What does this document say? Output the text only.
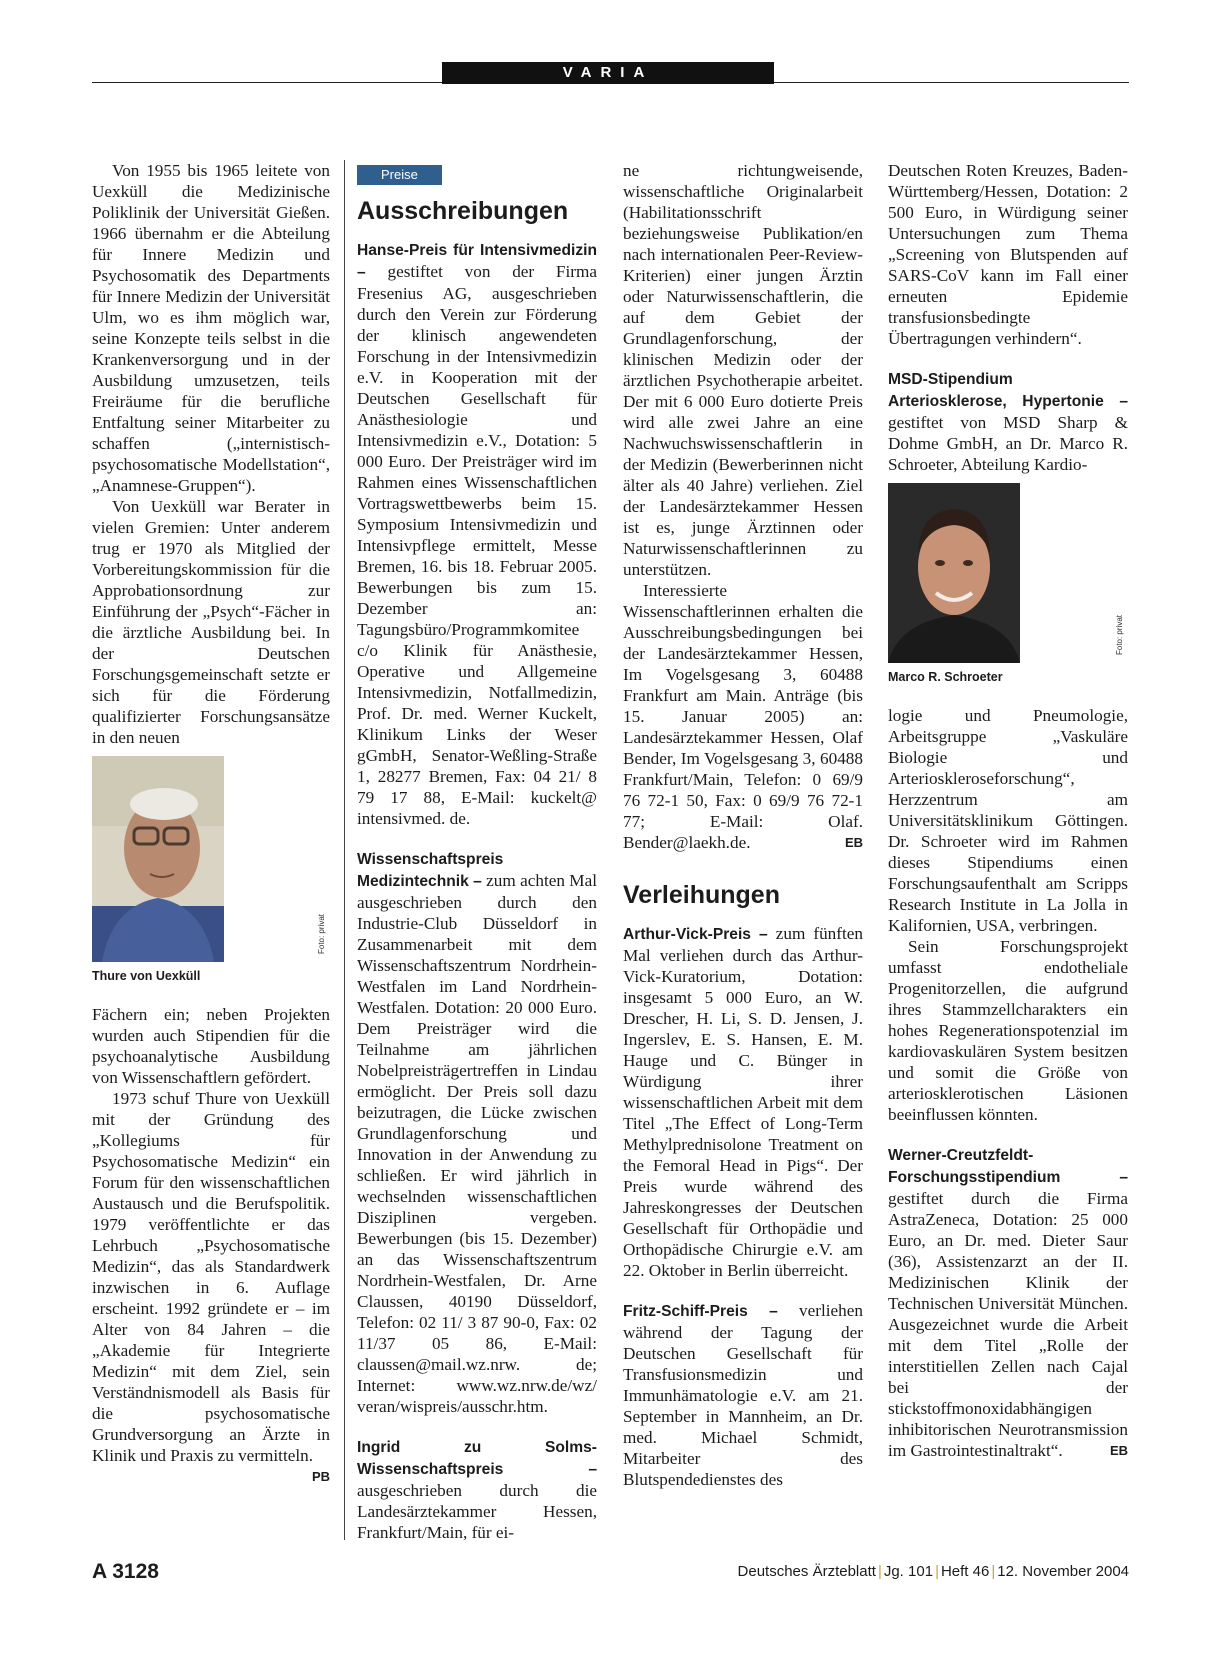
VARIA

Von 1955 bis 1965 leitete von Uexküll die Medizinische Poliklinik der Universität Gießen. 1966 übernahm er die Abteilung für Innere Medizin und Psychosomatik des Departments für Innere Medizin der Universität Ulm, wo es ihm möglich war, seine Konzepte teils selbst in die Krankenversorgung und in der Ausbildung umzusetzen, teils Freiräume für die berufliche Entfaltung seiner Mitarbeiter zu schaffen („internistisch-psychosomatische Modellstation“, „Anamnese-Gruppen“).

Von Uexküll war Berater in vielen Gremien: Unter anderem trug er 1970 als Mitglied der Vorbereitungskommission für die Approbationsordnung zur Einführung der „Psych“-Fächer in die ärztliche Ausbildung bei. In der Deutschen Forschungsgemeinschaft setzte er sich für die Förderung qualifizierter Forschungsansätze in den neuen

Foto: privat
Thure von Uexküll

Fächern ein; neben Projekten wurden auch Stipendien für die psychoanalytische Ausbildung von Wissenschaftlern gefördert.

1973 schuf Thure von Uexküll mit der Gründung des „Kollegiums für Psychosomatische Medizin“ ein Forum für den wissenschaftlichen Austausch und die Berufspolitik. 1979 veröffentlichte er das Lehrbuch „Psychosomatische Medizin“, das als Standardwerk inzwischen in 6. Auflage erscheint. 1992 gründete er – im Alter von 84 Jahren – die „Akademie für Integrierte Medizin“ mit dem Ziel, sein Verständnismodell als Basis für die psychosomatische Grundversorgung an Ärzte in Klinik und Praxis zu vermitteln.
PB

Preise
Ausschreibungen

Hanse-Preis für Intensivmedizin – gestiftet von der Firma Fresenius AG, ausgeschrieben durch den Verein zur Förderung der klinisch angewendeten Forschung in der Intensivmedizin e.V. in Kooperation mit der Deutschen Gesellschaft für Anästhesiologie und Intensivmedizin e.V., Dotation: 5 000 Euro. Der Preisträger wird im Rahmen eines Wissenschaftlichen Vortragswettbewerbs beim 15. Symposium Intensivmedizin und Intensivpflege ermittelt, Messe Bremen, 16. bis 18. Februar 2005. Bewerbungen bis zum 15. Dezember an: Tagungsbüro/Programmkomitee c/o Klinik für Anästhesie, Operative und Allgemeine Intensivmedizin, Notfallmedizin, Prof. Dr. med. Werner Kuckelt, Klinikum Links der Weser gGmbH, Senator-Weßling-Straße 1, 28277 Bremen, Fax: 04 21/ 8 79 17 88, E-Mail: kuckelt@ intensivmed. de.

Wissenschaftspreis Medizintechnik – zum achten Mal ausgeschrieben durch den Industrie-Club Düsseldorf in Zusammenarbeit mit dem Wissenschaftszentrum Nordrhein-Westfalen im Land Nordrhein-Westfalen. Dotation: 20 000 Euro. Dem Preisträger wird die Teilnahme am jährlichen Nobelpreisträgertreffen in Lindau ermöglicht. Der Preis soll dazu beizutragen, die Lücke zwischen Grundlagenforschung und Innovation in der Anwendung zu schließen. Er wird jährlich in wechselnden wissenschaftlichen Disziplinen vergeben. Bewerbungen (bis 15. Dezember) an das Wissenschaftszentrum Nordrhein-Westfalen, Dr. Arne Claussen, 40190 Düsseldorf, Telefon: 02 11/ 3 87 90-0, Fax: 02 11/37 05 86, E-Mail: claussen@mail.wz.nrw. de; Internet: www.wz.nrw.de/wz/ veran/wispreis/ausschr.htm.

Ingrid zu Solms-Wissenschaftspreis – ausgeschrieben durch die Landesärztekammer Hessen, Frankfurt/Main, für ei-

ne richtungweisende, wissenschaftliche Originalarbeit (Habilitationsschrift beziehungsweise Publikation/en nach internationalen Peer-Review-Kriterien) einer jungen Ärztin oder Naturwissenschaftlerin, die auf dem Gebiet der Grundlagenforschung, der klinischen Medizin oder der ärztlichen Psychotherapie arbeitet. Der mit 6 000 Euro dotierte Preis wird alle zwei Jahre an eine Nachwuchswissenschaftlerin in der Medizin (Bewerberinnen nicht älter als 40 Jahre) verliehen. Ziel der Landesärztekammer Hessen ist es, junge Ärztinnen oder Naturwissenschaftlerinnen zu unterstützen.

Interessierte Wissenschaftlerinnen erhalten die Ausschreibungsbedingungen bei der Landesärztekammer Hessen, Im Vogelsgesang 3, 60488 Frankfurt am Main. Anträge (bis 15. Januar 2005) an: Landesärztekammer Hessen, Olaf Bender, Im Vogelsgesang 3, 60488 Frankfurt/Main, Telefon: 0 69/9 76 72-1 50, Fax: 0 69/9 76 72-1 77; E-Mail: Olaf. Bender@laekh.de.	EB

Verleihungen

Arthur-Vick-Preis – zum fünften Mal verliehen durch das Arthur-Vick-Kuratorium, Dotation: insgesamt 5 000 Euro, an W. Drescher, H. Li, S. D. Jensen, J. Ingerslev, E. S. Hansen, E. M. Hauge und C. Bünger in Würdigung ihrer wissenschaftlichen Arbeit mit dem Titel „The Effect of Long-Term Methylprednisolone Treatment on the Femoral Head in Pigs“. Der Preis wurde während des Jahreskongresses der Deutschen Gesellschaft für Orthopädie und Orthopädische Chirurgie e.V. am 22. Oktober in Berlin überreicht.

Fritz-Schiff-Preis – verliehen während der Tagung der Deutschen Gesellschaft für Transfusionsmedizin und Immunhämatologie e.V. am 21. September in Mannheim, an Dr. med. Michael Schmidt, Mitarbeiter des Blutspendedienstes des

Deutschen Roten Kreuzes, Baden-Württemberg/Hessen, Dotation: 2 500 Euro, in Würdigung seiner Untersuchungen zum Thema „Screening von Blutspenden auf SARS-CoV kann im Fall einer erneuten Epidemie transfusionsbedingte Übertragungen verhindern“.

MSD-Stipendium Arteriosklerose, Hypertonie – gestiftet von MSD Sharp & Dohme GmbH, an Dr. Marco R. Schroeter, Abteilung Kardio-

Foto: privat
Marco R. Schroeter

logie und Pneumologie, Arbeitsgruppe „Vaskuläre Biologie und Arterioskleroseforschung“, Herzzentrum am Universitätsklinikum Göttingen. Dr. Schroeter wird im Rahmen dieses Stipendiums einen Forschungsaufenthalt am Scripps Research Institute in La Jolla in Kalifornien, USA, verbringen.

Sein Forschungsprojekt umfasst endotheliale Progenitorzellen, die aufgrund ihres Stammzellcharakters ein hohes Regenerationspotenzial im kardiovaskulären System besitzen und somit die Größe von arteriosklerotischen Läsionen beeinflussen könnten.

Werner-Creutzfeldt-Forschungsstipendium – gestiftet durch die Firma AstraZeneca, Dotation: 25 000 Euro, an Dr. med. Dieter Saur (36), Assistenzarzt an der II. Medizinischen Klinik der Technischen Universität München. Ausgezeichnet wurde die Arbeit mit dem Titel „Rolle der interstitiellen Zellen nach Cajal bei der stickstoffmonoxidabhängigen inhibitorischen Neurotransmission im Gastrointestinaltrakt“.	EB

A 3128	Deutsches Ärzteblatt | Jg. 101 | Heft 46 | 12. November 2004
